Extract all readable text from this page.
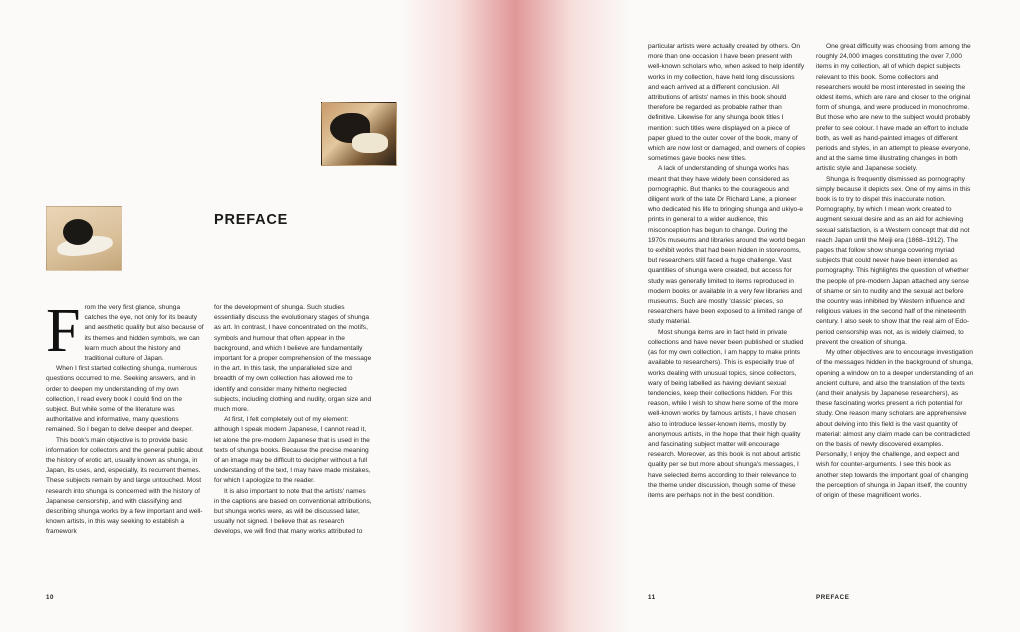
PREFACE

From the very first glance, shunga catches the eye, not only for its beauty and aesthetic quality but also because of its themes and hidden symbols, we can learn much about the history and traditional culture of Japan.

When I first started collecting shunga, numerous questions occurred to me. Seeking answers, and in order to deepen my understanding of my own collection, I read every book I could find on the subject. But while some of the literature was authoritative and informative, many questions remained. So I began to delve deeper and deeper.

This book's main objective is to provide basic information for collectors and the general public about the history of erotic art, usually known as shunga, in Japan, its uses, and, especially, its recurrent themes. These subjects remain by and large untouched. Most research into shunga is concerned with the history of Japanese censorship, and with classifying and describing shunga works by a few important and well-known artists, in this way seeking to establish a framework

for the development of shunga. Such studies essentially discuss the evolutionary stages of shunga as art. In contrast, I have concentrated on the motifs, symbols and humour that often appear in the background, and which I believe are fundamentally important for a proper comprehension of the message in the art. In this task, the unparalleled size and breadth of my own collection has allowed me to identify and consider many hitherto neglected subjects, including clothing and nudity, organ size and much more.

At first, I felt completely out of my element: although I speak modern Japanese, I cannot read it, let alone the pre-modern Japanese that is used in the texts of shunga books. Because the precise meaning of an image may be difficult to decipher without a full understanding of the text, I may have made mistakes, for which I apologize to the reader.

It is also important to note that the artists' names in the captions are based on conventional attributions, but shunga works were, as will be discussed later, usually not signed. I believe that as research develops, we will find that many works attributed to

10

particular artists were actually created by others. On more than one occasion I have been present with well-known scholars who, when asked to help identify works in my collection, have held long discussions and each arrived at a different conclusion. All attributions of artists' names in this book should therefore be regarded as probable rather than definitive. Likewise for any shunga book titles I mention: such titles were displayed on a piece of paper glued to the outer cover of the book, many of which are now lost or damaged, and owners of copies sometimes gave books new titles.

A lack of understanding of shunga works has meant that they have widely been considered as pornographic. But thanks to the courageous and diligent work of the late Dr Richard Lane, a pioneer who dedicated his life to bringing shunga and ukiyo-e prints in general to a wider audience, this misconception has begun to change. During the 1970s museums and libraries around the world began to exhibit works that had been hidden in storerooms, but researchers still faced a huge challenge. Vast quantities of shunga were created, but access for study was generally limited to items reproduced in modern books or available in a very few libraries and museums. Such are mostly 'classic' pieces, so researchers have been exposed to a limited range of study material.

Most shunga items are in fact held in private collections and have never been published or studied (as for my own collection, I am happy to make prints available to researchers). This is especially true of works dealing with unusual topics, since collectors, wary of being labelled as having deviant sexual tendencies, keep their collections hidden. For this reason, while I wish to show here some of the more well-known works by famous artists, I have chosen also to introduce lesser-known items, mostly by anonymous artists, in the hope that their high quality and fascinating subject matter will encourage research. Moreover, as this book is not about artistic quality per se but more about shunga's messages, I have selected items according to their relevance to the theme under discussion, though some of these items are perhaps not in the best condition.

One great difficulty was choosing from among the roughly 24,000 images constituting the over 7,000 items in my collection, all of which depict subjects relevant to this book. Some collectors and researchers would be most interested in seeing the oldest items, which are rare and closer to the original form of shunga, and were produced in monochrome. But those who are new to the subject would probably prefer to see colour. I have made an effort to include both, as well as hand-painted images of different periods and styles, in an attempt to please everyone, and at the same time illustrating changes in both artistic style and Japanese society.

Shunga is frequently dismissed as pornography simply because it depicts sex. One of my aims in this book is to try to dispel this inaccurate notion. Pornography, by which I mean work created to augment sexual desire and as an aid for achieving sexual satisfaction, is a Western concept that did not reach Japan until the Meiji era (1868–1912). The pages that follow show shunga covering myriad subjects that could never have been intended as pornography. This highlights the question of whether the people of pre-modern Japan attached any sense of shame or sin to nudity and the sexual act before the country was inhibited by Western influence and religious values in the second half of the nineteenth century. I also seek to show that the real aim of Edo-period censorship was not, as is widely claimed, to prevent the creation of shunga.

My other objectives are to encourage investigation of the messages hidden in the background of shunga, opening a window on to a deeper understanding of an ancient culture, and also the translation of the texts (and their analysis by Japanese researchers), as these fascinating works present a rich potential for study. One reason many scholars are apprehensive about delving into this field is the vast quantity of material: almost any claim made can be contradicted on the basis of newly discovered examples. Personally, I enjoy the challenge, and expect and wish for counter-arguments. I see this book as another step towards the important goal of changing the perception of shunga in Japan itself, the country of origin of these magnificent works.

11	PREFACE
